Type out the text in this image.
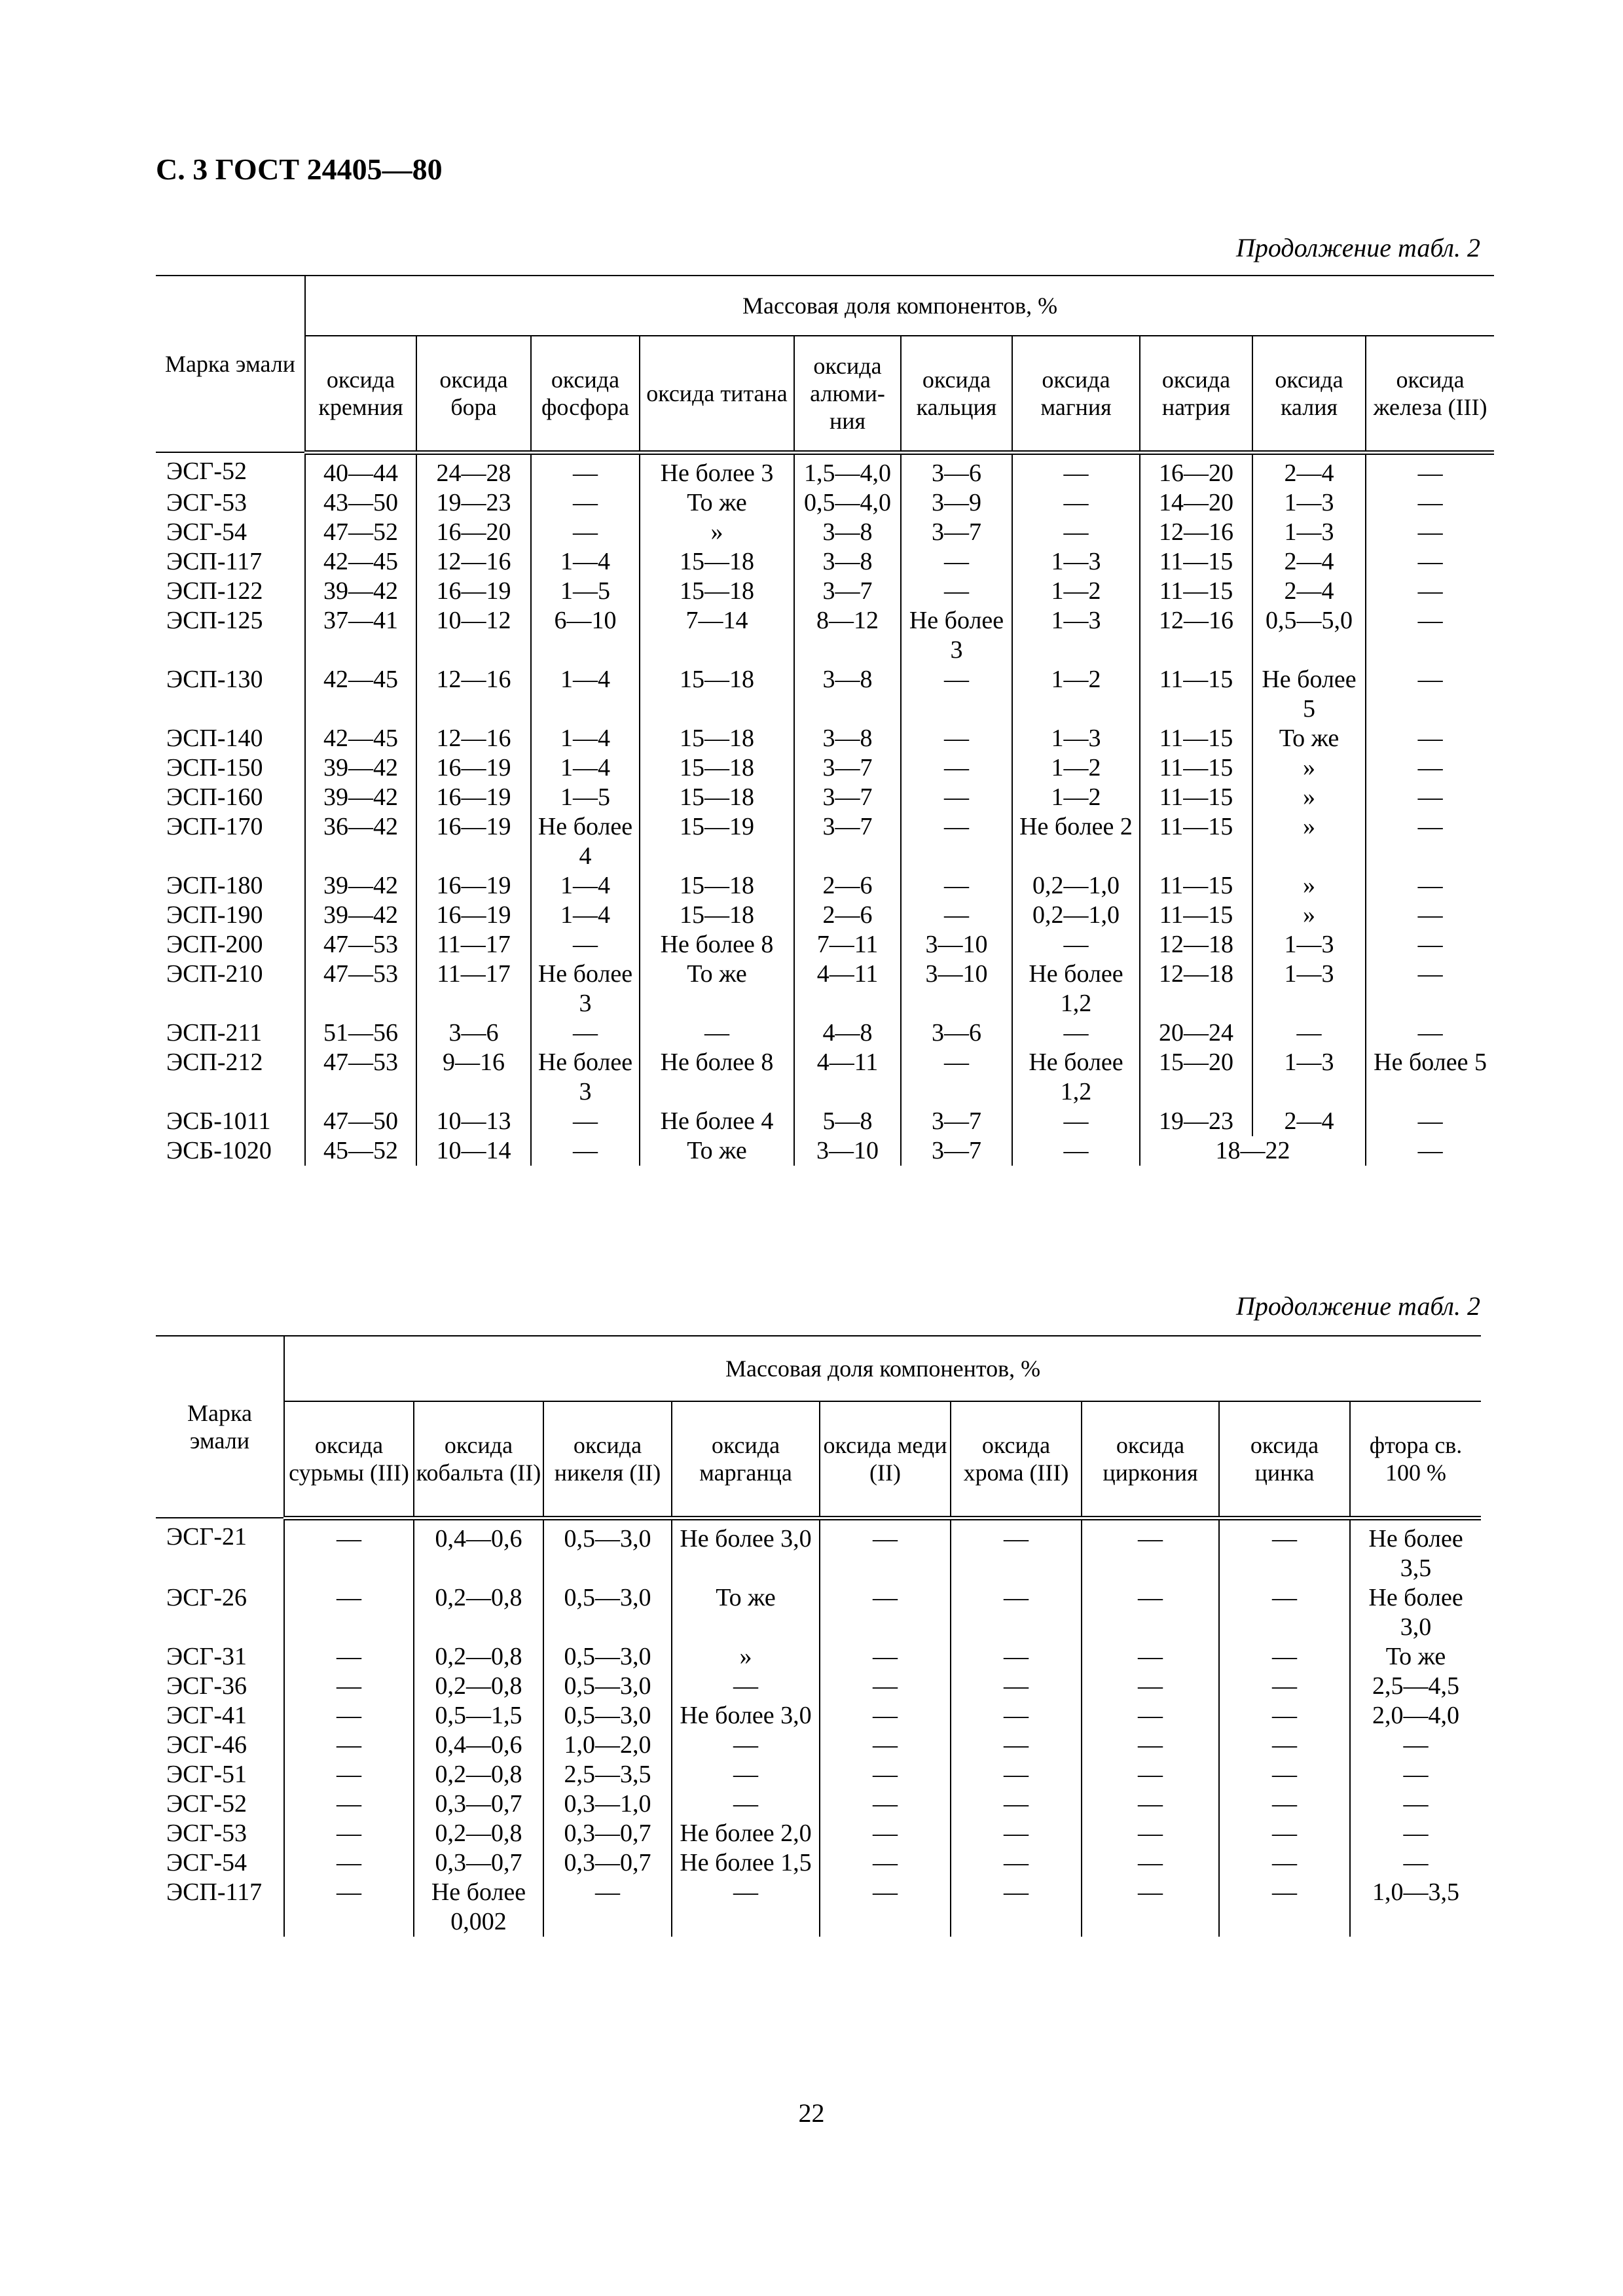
С. 3 ГОСТ 24405—80
Продолжение табл. 2
Марка эмали	Массовая доля компонентов, %									
	оксида кремния	оксида бора	оксида фосфора	оксида титана	оксида алюми-ния	оксида кальция	оксида магния	оксида натрия	оксида калия	оксида железа (III)
ЭСГ-52	40—44	24—28	—	Не более 3	1,5—4,0	3—6	—	16—20	2—4	—
ЭСГ-53	43—50	19—23	—	То же	0,5—4,0	3—9	—	14—20	1—3	—
ЭСГ-54	47—52	16—20	—	»	3—8	3—7	—	12—16	1—3	—
ЭСП-117	42—45	12—16	1—4	15—18	3—8	—	1—3	11—15	2—4	—
ЭСП-122	39—42	16—19	1—5	15—18	3—7	—	1—2	11—15	2—4	—
ЭСП-125	37—41	10—12	6—10	7—14	8—12	Не более 3	1—3	12—16	0,5—5,0	—
ЭСП-130	42—45	12—16	1—4	15—18	3—8	—	1—2	11—15	Не более 5	—
ЭСП-140	42—45	12—16	1—4	15—18	3—8	—	1—3	11—15	То же	—
ЭСП-150	39—42	16—19	1—4	15—18	3—7	—	1—2	11—15	»	—
ЭСП-160	39—42	16—19	1—5	15—18	3—7	—	1—2	11—15	»	—
ЭСП-170	36—42	16—19	Не более 4	15—19	3—7	—	Не более 2	11—15	»	—
ЭСП-180	39—42	16—19	1—4	15—18	2—6	—	0,2—1,0	11—15	»	—
ЭСП-190	39—42	16—19	1—4	15—18	2—6	—	0,2—1,0	11—15	»	—
ЭСП-200	47—53	11—17	—	Не более 8	7—11	3—10	—	12—18	1—3	—
ЭСП-210	47—53	11—17	Не более 3	То же	4—11	3—10	Не более 1,2	12—18	1—3	—
ЭСП-211	51—56	3—6	—	—	4—8	3—6	—	20—24	—	—
ЭСП-212	47—53	9—16	Не более 3	Не более 8	4—11	—	Не более 1,2	15—20	1—3	Не более 5
ЭСБ-1011	47—50	10—13	—	Не более 4	5—8	3—7	—	19—23	2—4	—
ЭСБ-1020	45—52	10—14	—	То же	3—10	3—7	—	18—22		—
Продолжение табл. 2
Марка эмали	Массовая доля компонентов, %								
	оксида сурьмы (III)	оксида кобальта (II)	оксида никеля (II)	оксида марганца	оксида меди (II)	оксида хрома (III)	оксида циркония	оксида цинка	фтора св. 100 %
ЭСГ-21	—	0,4—0,6	0,5—3,0	Не более 3,0	—	—	—	—	Не более 3,5
ЭСГ-26	—	0,2—0,8	0,5—3,0	То же	—	—	—	—	Не более 3,0
ЭСГ-31	—	0,2—0,8	0,5—3,0	»	—	—	—	—	То же
ЭСГ-36	—	0,2—0,8	0,5—3,0	—	—	—	—	—	2,5—4,5
ЭСГ-41	—	0,5—1,5	0,5—3,0	Не более 3,0	—	—	—	—	2,0—4,0
ЭСГ-46	—	0,4—0,6	1,0—2,0	—	—	—	—	—	—
ЭСГ-51	—	0,2—0,8	2,5—3,5	—	—	—	—	—	—
ЭСГ-52	—	0,3—0,7	0,3—1,0	—	—	—	—	—	—
ЭСГ-53	—	0,2—0,8	0,3—0,7	Не более 2,0	—	—	—	—	—
ЭСГ-54	—	0,3—0,7	0,3—0,7	Не более 1,5	—	—	—	—	—
ЭСП-117	—	Не более 0,002	—	—	—	—	—	—	1,0—3,5
22
